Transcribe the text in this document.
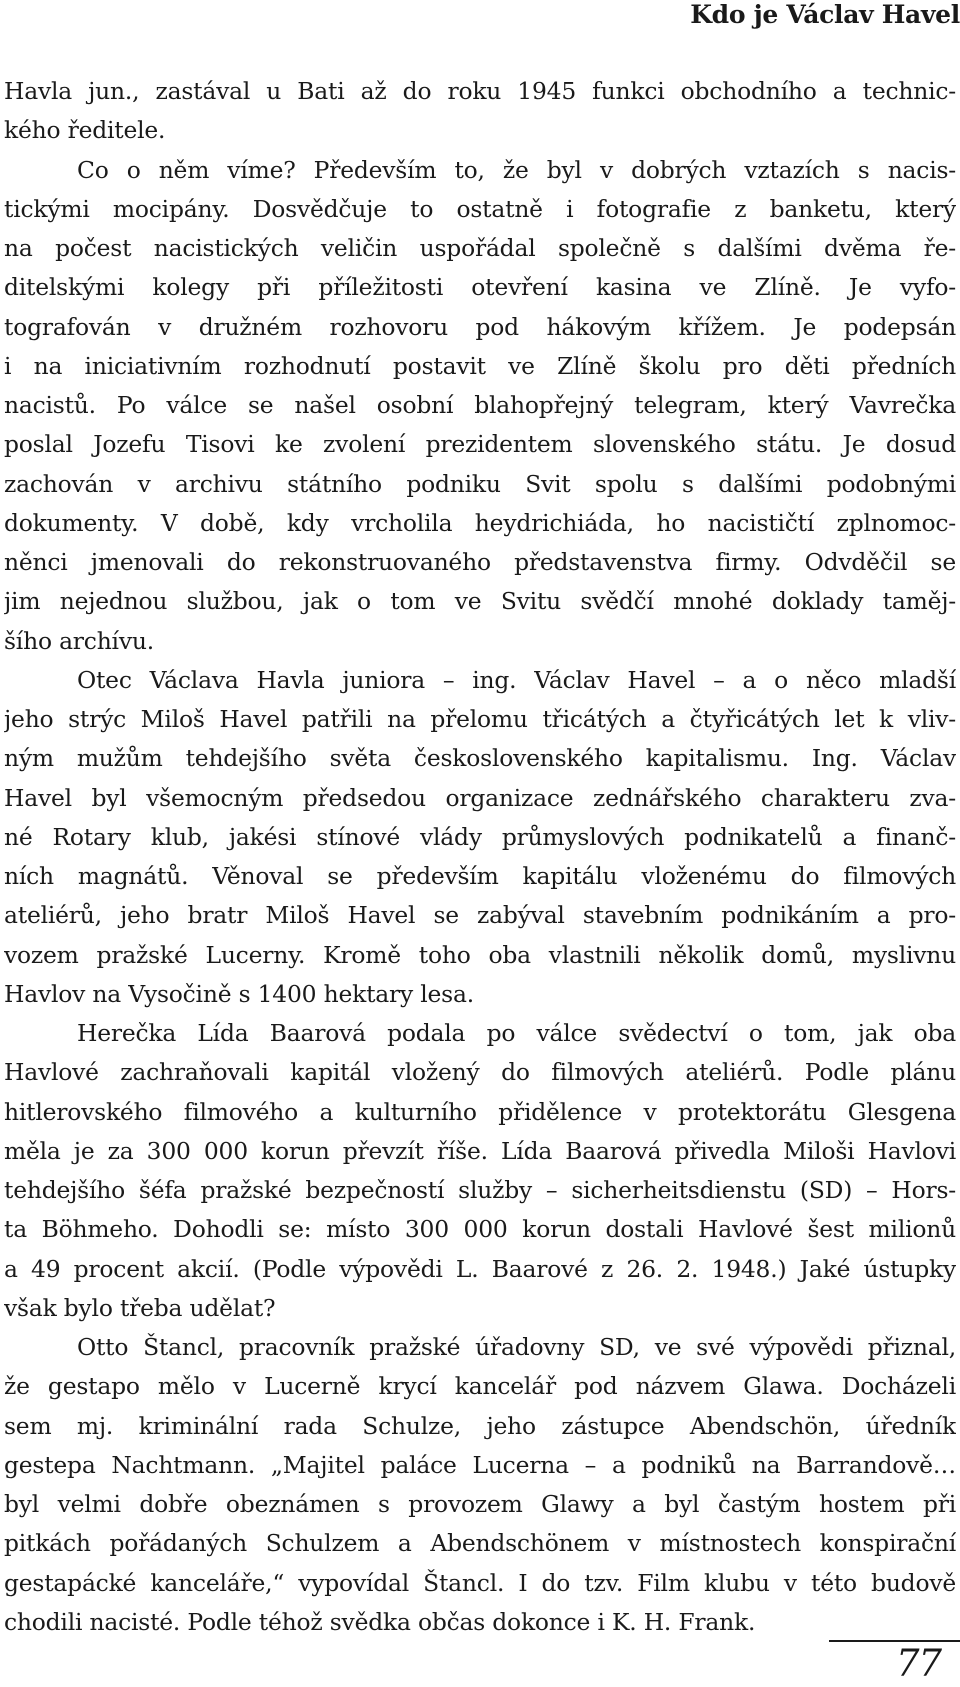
Kdo je Václav Havel

Havla jun., zastával u Bati až do roku 1945 funkci obchodního a technic-

kého ředitele.

Co o něm víme? Především to, že byl v dobrých vztazích s nacis-

tickými mocipány. Dosvědčuje to ostatně i fotografie z banketu, který

na počest nacistických veličin uspořádal společně s dalšími dvěma ře-

ditelskými kolegy při příležitosti otevření kasina ve Zlíně. Je vyfo-

tografován v družném rozhovoru pod hákovým křížem. Je podepsán

i na iniciativním rozhodnutí postavit ve Zlíně školu pro děti předních

nacistů. Po válce se našel osobní blahopřejný telegram, který Vavrečka

poslal Jozefu Tisovi ke zvolení prezidentem slovenského státu. Je dosud

zachován v archivu státního podniku Svit spolu s dalšími podobnými

dokumenty. V době, kdy vrcholila heydrichiáda, ho nacističtí zplnomoc-

něnci jmenovali do rekonstruovaného představenstva firmy. Odvděčil se

jim nejednou službou, jak o tom ve Svitu svědčí mnohé doklady taměj-

šího archívu.

Otec Václava Havla juniora – ing. Václav Havel – a o něco mladší

jeho strýc Miloš Havel patřili na přelomu třicátých a čtyřicátých let k vliv-

ným mužům tehdejšího světa československého kapitalismu. Ing. Václav

Havel byl všemocným předsedou organizace zednářského charakteru zva-

né Rotary klub, jakési stínové vlády průmyslových podnikatelů a finanč-

ních magnátů. Věnoval se především kapitálu vloženému do filmových

ateliérů, jeho bratr Miloš Havel se zabýval stavebním podnikáním a pro-

vozem pražské Lucerny. Kromě toho oba vlastnili několik domů, myslivnu

Havlov na Vysočině s 1400 hektary lesa.

Herečka Lída Baarová podala po válce svědectví o tom, jak oba

Havlové zachraňovali kapitál vložený do filmových ateliérů. Podle plánu

hitlerovského filmového a kulturního přidělence v protektorátu Glesgena

měla je za 300 000 korun převzít říše. Lída Baarová přivedla Miloši Havlovi

tehdejšího šéfa pražské bezpečností služby – sicherheitsdienstu (SD) – Hors-

ta Böhmeho. Dohodli se: místo 300 000 korun dostali Havlové šest milionů

a 49 procent akcií. (Podle výpovědi L. Baarové z 26. 2. 1948.) Jaké ústupky

však bylo třeba udělat?

Otto Štancl, pracovník pražské úřadovny SD, ve své výpovědi přiznal,

že gestapo mělo v Lucerně krycí kancelář pod názvem Glawa. Docházeli

sem mj. kriminální rada Schulze, jeho zástupce Abendschön, úředník

gestepa Nachtmann. „Majitel paláce Lucerna – a podniků na Barrandově…

byl velmi dobře obeznámen s provozem Glawy a byl častým hostem při

pitkách pořádaných Schulzem a Abendschönem v místnostech konspirační

gestapácké kanceláře,“ vypovídal Štancl. I do tzv. Film klubu v této budově

chodili nacisté. Podle téhož svědka občas dokonce i K. H. Frank.

77
